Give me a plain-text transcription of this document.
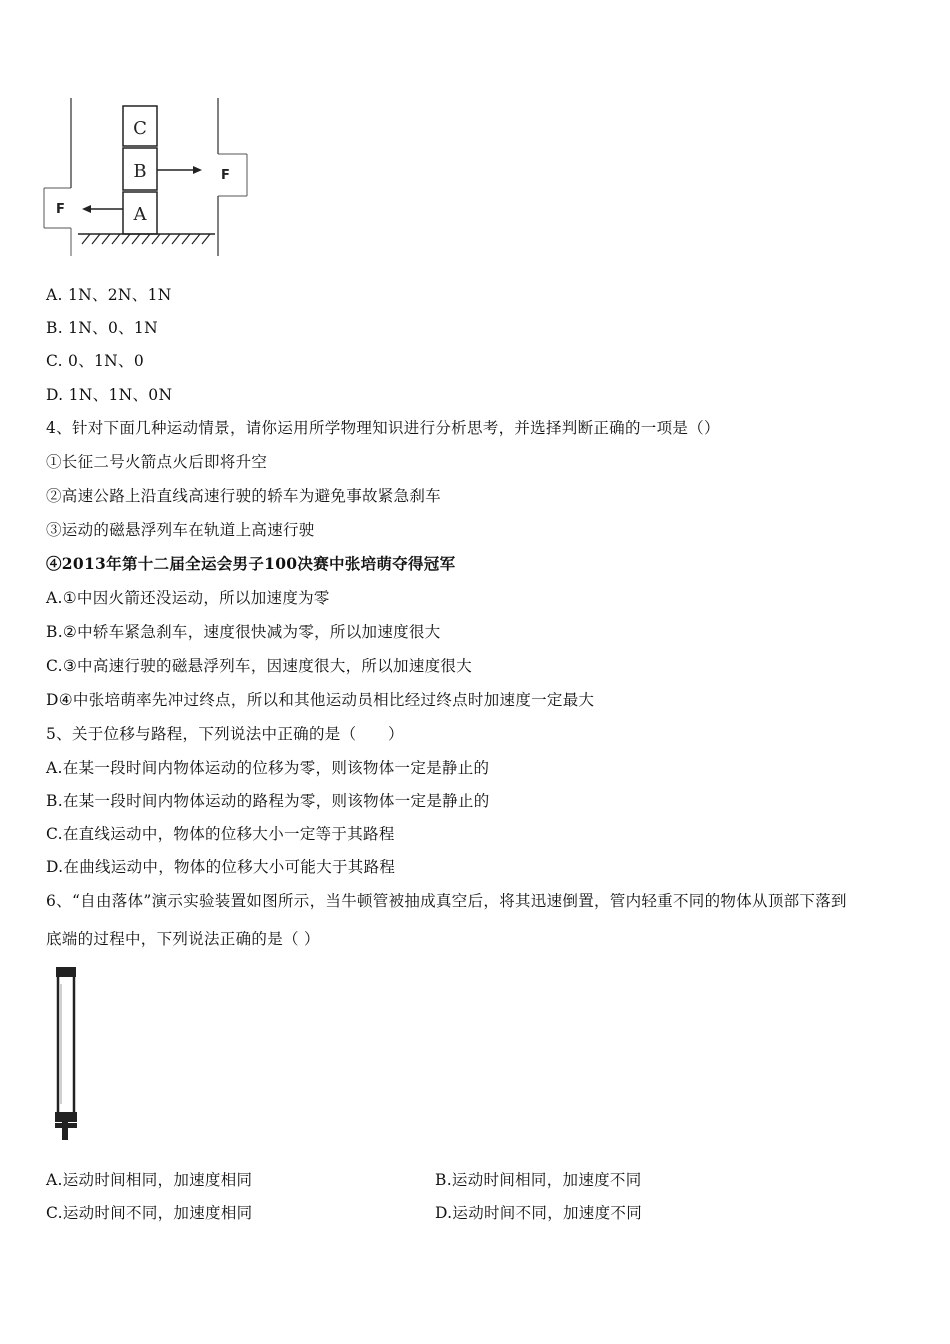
C
B
A
F
F
A. 1N、2N、1N
B. 1N、0、1N
C. 0、1N、0
D. 1N、1N、0N
4、针对下面几种运动情景，请你运用所学物理知识进行分析思考，并选择判断正确的一项是（）
①长征二号火箭点火后即将升空
②高速公路上沿直线高速行驶的轿车为避免事故紧急刹车
③运动的磁悬浮列车在轨道上高速行驶
④2013年第十二届全运会男子100决赛中张培萌夺得冠军
A.①中因火箭还没运动，所以加速度为零
B.②中轿车紧急刹车，速度很快减为零，所以加速度很大
C.③中高速行驶的磁悬浮列车，因速度很大，所以加速度很大
D④中张培萌率先冲过终点，所以和其他运动员相比经过终点时加速度一定最大
5、关于位移与路程，下列说法中正确的是（　　）
A.在某一段时间内物体运动的位移为零，则该物体一定是静止的
B.在某一段时间内物体运动的路程为零，则该物体一定是静止的
C.在直线运动中，物体的位移大小一定等于其路程
D.在曲线运动中，物体的位移大小可能大于其路程
6、“自由落体”演示实验装置如图所示，当牛顿管被抽成真空后，将其迅速倒置，管内轻重不同的物体从顶部下落到
底端的过程中，下列说法正确的是（ ）
A.运动时间相同，加速度相同	B.运动时间相同，加速度不同
C.运动时间不同，加速度相同	D.运动时间不同，加速度不同
